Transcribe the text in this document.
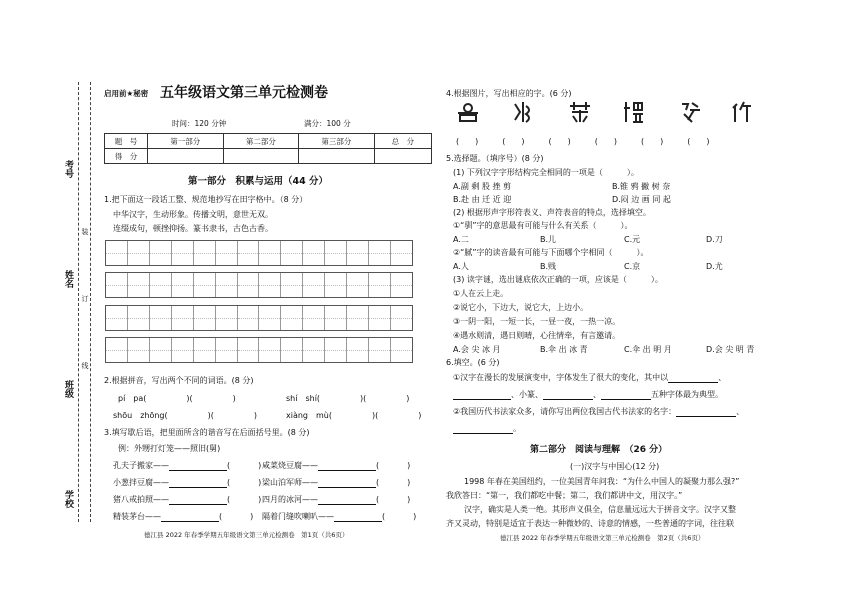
考号
姓名
班级
学校
装
订
线
启用前★秘密 五年级语文第三单元检测卷
时间：120 分钟	满分：100 分
题　号	第一部分	第二部分	第三部分	总　分
得　分				
第一部分　积累与运用（44 分）
1.把下面这一段话工整、规范地抄写在田字格中。（8 分）
中华汉字，生动形象。传播文明，意世无双。
连缀成句，顿挫抑扬。篆书隶书，古色古香。
2.根据拼音，写出两个不同的词语。(8 分)
pí　pa(	)(	)	shí　shí(	)(	)
shōu　zhōng(	)(	)	xiàng　mù(	)(	)
3.填写歇后语，把里面所含的谐音写在后面括号里。(8 分)
例：外甥打灯笼——照旧(舅)
孔夫子搬家——	(	) 咸菜烧豆腐——	(	)
小葱拌豆腐——	(	) 梁山泊军师——	(	)
猪八戒拍照——	(	) 四月的冰河——	(	)
精装茅台——	(	) 隔着门缝吹喇叭——	(	)
德江县 2022 年春季学期五年级语文第三单元检测卷　第1页（共6页）
4.根据图片，写出相应的字。(6 分)
(　　)	(　　)	(　　)	(　　)	(　　)	(　　)
5.选择题。（填序号）(8 分)
(1) 下列汉字字形结构完全相同的一项是（　　　）。
A.副 剩 股 挫 剪	B.锥 鸦 撇 树 奈
B.赴 由 迁 近 迎	D.闷 边 画 同 起
(2) 根据形声字形符表义、声符表音的特点，选择填空。
①“驯”字的意思最有可能与什么有关系（　　　）。
A.二	B.儿	C.元	D.刀
②“腻”字的读音最有可能与下面哪个字相同（　　　）。
A.人	B.贱	C.京	D.尤
(3) 读字谜，选出谜底依次正确的一项，应该是（　　　）。
①人在云上走。
②说它小，下边大，说它大，上边小。
③一阴一阳，一短一长，一昼一夜，一热一凉。
④遇水则清，遇日则晴，心往情牵，有言邀请。
A.会 尖 冰 月	B.伞 出 冰 青	C.伞 出 明 月	D.会 尖 明 青
6.填空。(6 分)
①汉字在漫长的发展演变中，字体发生了很大的变化，其中以	、
、小篆、	、	五种字体最为典型。
②我国历代书法家众多，请你写出两位我国古代书法家的名字：	、
。
第二部分　阅读与理解　（26 分）
(一)汉字与中国心(12 分)
1998 年春在美国纽约，一位美国青年问我：“为什么中国人的凝聚力那么强?”
我欣答曰：“第一，我们都吃中餐；第二，我们都讲中文，用汉字。”
汉字，确实是人类一绝。其形声义俱全，信息量远远大于拼音文字。汉字又整
齐又灵动，特别是适宜于表达一种微妙的、诗意的情感，一些普通的字词，往往联
德江县 2022 年春季学期五年级语文第三单元检测卷　第2页（共6页）
